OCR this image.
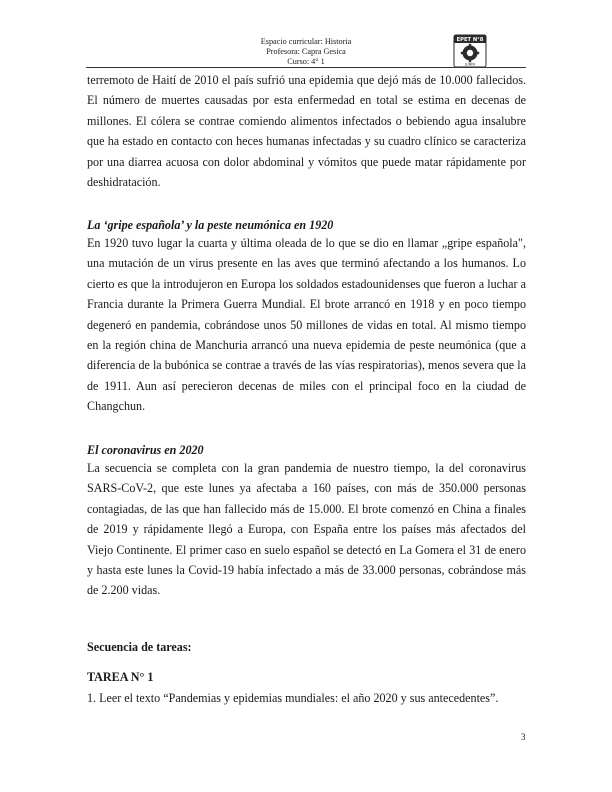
Espacio curricular: Historia
Profesora: Capra Gesica
Curso: 4° 1
EPET N°8
JUNÍN

terremoto de Haití de 2010 el país sufrió una epidemia que dejó más de 10.000 fallecidos. El número de muertes causadas por esta enfermedad en total se estima en decenas de millones. El cólera se contrae comiendo alimentos infectados o bebiendo agua insalubre que ha estado en contacto con heces humanas infectadas y su cuadro clínico se caracteriza por una diarrea acuosa con dolor abdominal y vómitos que puede matar rápidamente por deshidratación.

La ‘gripe española’ y la peste neumónica en 1920

En 1920 tuvo lugar la cuarta y última oleada de lo que se dio en llamar „gripe española", una mutación de un virus presente en las aves que terminó afectando a los humanos. Lo cierto es que la introdujeron en Europa los soldados estadounidenses que fueron a luchar a Francia durante la Primera Guerra Mundial. El brote arrancó en 1918 y en poco tiempo degeneró en pandemia, cobrándose unos 50 millones de vidas en total. Al mismo tiempo en la región china de Manchuria arrancó una nueva epidemia de peste neumónica (que a diferencia de la bubónica se contrae a través de las vías respiratorias), menos severa que la de 1911. Aun así perecieron decenas de miles con el principal foco en la ciudad de Changchun.

El coronavirus en 2020

La secuencia se completa con la gran pandemia de nuestro tiempo, la del coronavirus SARS-CoV-2, que este lunes ya afectaba a 160 países, con más de 350.000 personas contagiadas, de las que han fallecido más de 15.000. El brote comenzó en China a finales de 2019 y rápidamente llegó a Europa, con España entre los países más afectados del Viejo Continente. El primer caso en suelo español se detectó en La Gomera el 31 de enero y hasta este lunes la Covid-19 había infectado a más de 33.000 personas, cobrándose más de 2.200 vidas.

Secuencia de tareas:
TAREA N° 1
1. Leer el texto “Pandemias y epidemias mundiales: el año 2020 y sus antecedentes”.
3
